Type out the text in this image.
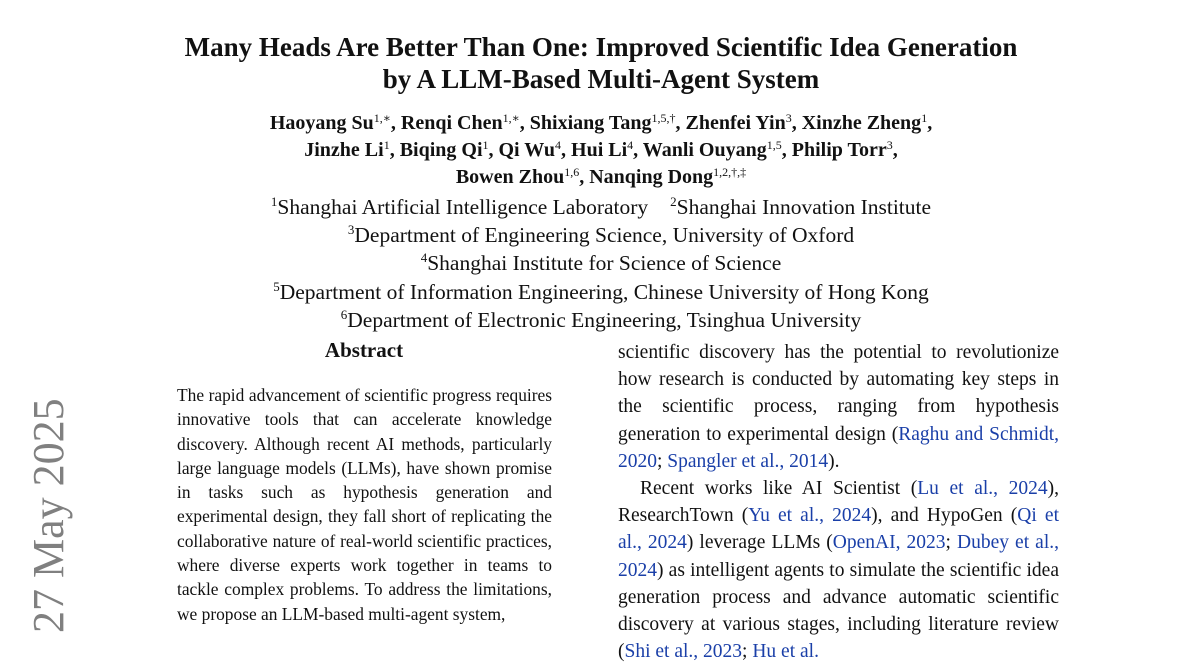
27 May 2025
Many Heads Are Better Than One: Improved Scientific Idea Generation
by A LLM-Based Multi-Agent System
Haoyang $Su^{1,∗}$, Renqi Chen$^{1,∗}$, Shixiang Tang$^{1,5,\dagger}$, Zhenfei Yin$^3$, Xinzhe Zheng$^1$,
Jinzhe Li$^1$, Biqing Qi$^1$, Qi Wu$^4$, Hui Li$^4$, Wanli Ouyang$^{1,5}$, Philip Torr$^3$,
Bowen Zhou$^{1,6}$, Nanqing Dong$^{1,2,\dagger,\ddagger}$
$^1$Shanghai Artificial Intelligence Laboratory $^2$Shanghai Innovation Institute
$^3$Department of Engineering Science, University of Oxford
$^4$Shanghai Institute for Science of Science
$^5$Department of Information Engineering, Chinese University of Hong Kong
$^6$Department of Electronic Engineering, Tsinghua University
Abstract
The rapid advancement of scientific progress requires innovative tools that can accelerate knowledge discovery. Although recent AI methods, particularly large language models (LLMs), have shown promise in tasks such as hypothesis generation and experimental design, they fall short of replicating the collaborative nature of real-world scientific practices, where diverse experts work together in teams to tackle complex problems. To address the limitations, we propose an LLM-based multi-agent system,

scientific discovery has the potential to revolutionize how research is conducted by automating key steps in the scientific process, ranging from hypothesis generation to experimental design (Raghu and Schmidt, 2020; Spangler et al., 2014).

Recent works like AI Scientist (Lu et al., 2024), ResearchTown (Yu et al., 2024), and HypoGen (Qi et al., 2024) leverage LLMs (OpenAI, 2023; Dubey et al., 2024) as intelligent agents to simulate the scientific idea generation process and advance automatic scientific discovery at various stages, including literature review (Shi et al., 2023; Hu et al.
